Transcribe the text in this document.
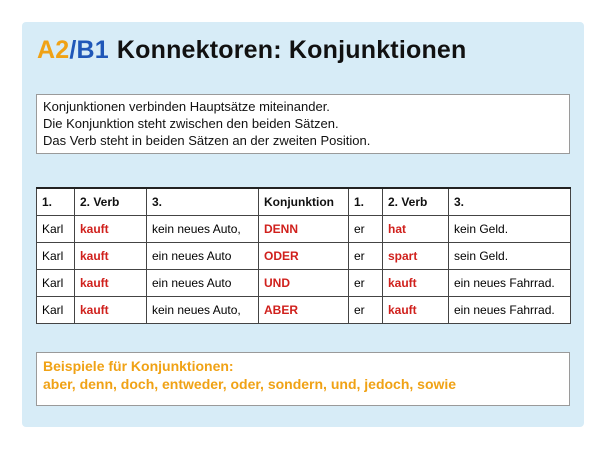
A2/B1 Konnektoren: Konjunktionen
Konjunktionen verbinden Hauptsätze miteinander.
Die Konjunktion steht zwischen den beiden Sätzen.
Das Verb steht in beiden Sätzen an der zweiten Position.
1.	2. Verb	3.	Konjunktion	1.	2. Verb	3.
Karl	kauft	kein neues Auto,	DENN	er	hat	kein Geld.
Karl	kauft	ein neues Auto	ODER	er	spart	sein Geld.
Karl	kauft	ein neues Auto	UND	er	kauft	ein neues Fahrrad.
Karl	kauft	kein neues Auto,	ABER	er	kauft	ein neues Fahrrad.
Beispiele für Konjunktionen:
aber, denn, doch, entweder, oder, sondern, und, jedoch, sowie
